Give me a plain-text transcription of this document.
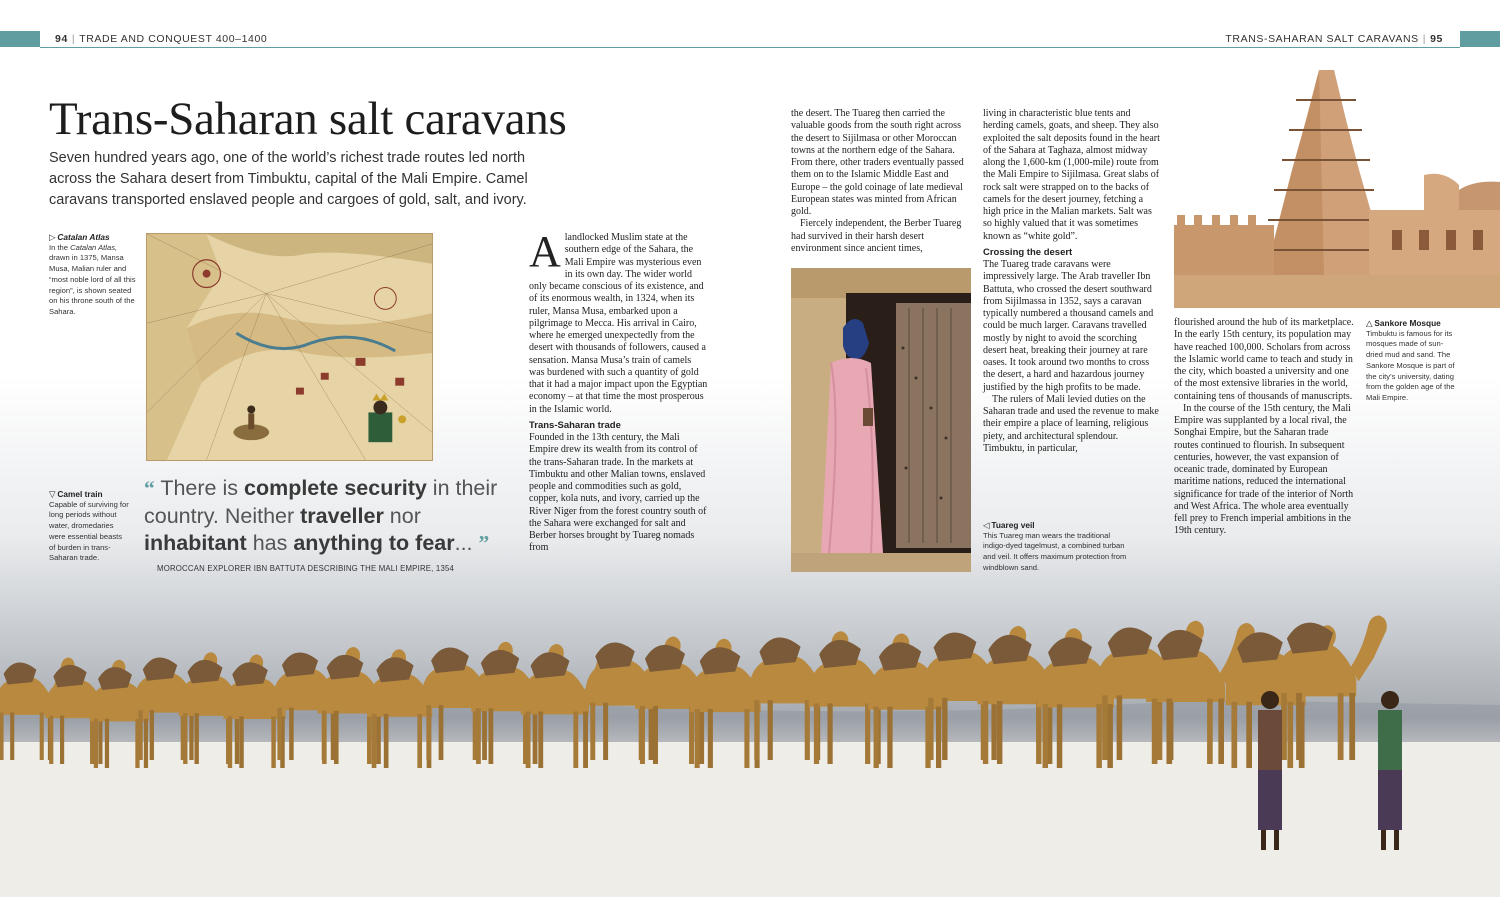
94 | TRADE AND CONQUEST 400–1400	TRANS-SAHARAN SALT CARAVANS | 95
Trans-Saharan salt caravans

Seven hundred years ago, one of the world’s richest trade routes led north across the Sahara desert from Timbuktu, capital of the Mali Empire. Camel caravans transported enslaved people and cargoes of gold, salt, and ivory.

▷ Catalan Atlas
In the Catalan Atlas, drawn in 1375, Mansa Musa, Malian ruler and “most noble lord of all this region”, is shown seated on his throne south of the Sahara.
▽ Camel train
Capable of surviving for long periods without water, dromedaries were essential beasts of burden in trans-Saharan trade.
“ There is complete security in their country. Neither traveller nor inhabitant has anything to fear... ”
MOROCCAN EXPLORER IBN BATTUTA DESCRIBING THE MALI EMPIRE, 1354

Alandlocked Muslim state at the southern edge of the Sahara, the Mali Empire was mysterious even in its own day. The wider world only became conscious of its existence, and of its enormous wealth, in 1324, when its ruler, Mansa Musa, embarked upon a pilgrimage to Mecca. His arrival in Cairo, where he emerged unexpectedly from the desert with thousands of followers, caused a sensation. Mansa Musa’s train of camels was burdened with such a quantity of gold that it had a major impact upon the Egyptian economy – at that time the most prosperous in the Islamic world.

Trans-Saharan trade

Founded in the 13th century, the Mali Empire drew its wealth from its control of the trans-Saharan trade. In the markets at Timbuktu and other Malian towns, enslaved people and commodities such as gold, copper, kola nuts, and ivory, carried up the River Niger from the forest country south of the Sahara were exchanged for salt and Berber horses brought by Tuareg nomads from

the desert. The Tuareg then carried the valuable goods from the south right across the desert to Sijilmasa or other Moroccan towns at the northern edge of the Sahara. From there, other traders eventually passed them on to the Islamic Middle East and Europe – the gold coinage of late medieval European states was minted from African gold.

Fiercely independent, the Berber Tuareg had survived in their harsh desert environment since ancient times,

◁ Tuareg veil
This Tuareg man wears the traditional indigo-dyed tagelmust, a combined turban and veil. It offers maximum protection from windblown sand.

living in characteristic blue tents and herding camels, goats, and sheep. They also exploited the salt deposits found in the heart of the Sahara at Taghaza, almost midway along the 1,600-km (1,000-mile) route from the Mali Empire to Sijilmasa. Great slabs of rock salt were strapped on to the backs of camels for the desert journey, fetching a high price in the Malian markets. Salt was so highly valued that it was sometimes known as “white gold”.

Crossing the desert

The Tuareg trade caravans were impressively large. The Arab traveller Ibn Battuta, who crossed the desert southward from Sijilmassa in 1352, says a caravan typically numbered a thousand camels and could be much larger. Caravans travelled mostly by night to avoid the scorching desert heat, breaking their journey at rare oases. It took around two months to cross the desert, a hard and hazardous journey justified by the high profits to be made.

The rulers of Mali levied duties on the Saharan trade and used the revenue to make their empire a place of learning, religious piety, and architectural splendour. Timbuktu, in particular,

△ Sankore Mosque
Timbuktu is famous for its mosques made of sun-dried mud and sand. The Sankore Mosque is part of the city’s university, dating from the golden age of the Mali Empire.

flourished around the hub of its marketplace. In the early 15th century, its population may have reached 100,000. Scholars from across the Islamic world came to teach and study in the city, which boasted a university and one of the most extensive libraries in the world, containing tens of thousands of manuscripts.

In the course of the 15th century, the Mali Empire was supplanted by a local rival, the Songhai Empire, but the Saharan trade routes continued to flourish. In subsequent centuries, however, the vast expansion of oceanic trade, dominated by European maritime nations, reduced the international significance for trade of the interior of North and West Africa. The whole area eventually fell prey to French imperial ambitions in the 19th century.
